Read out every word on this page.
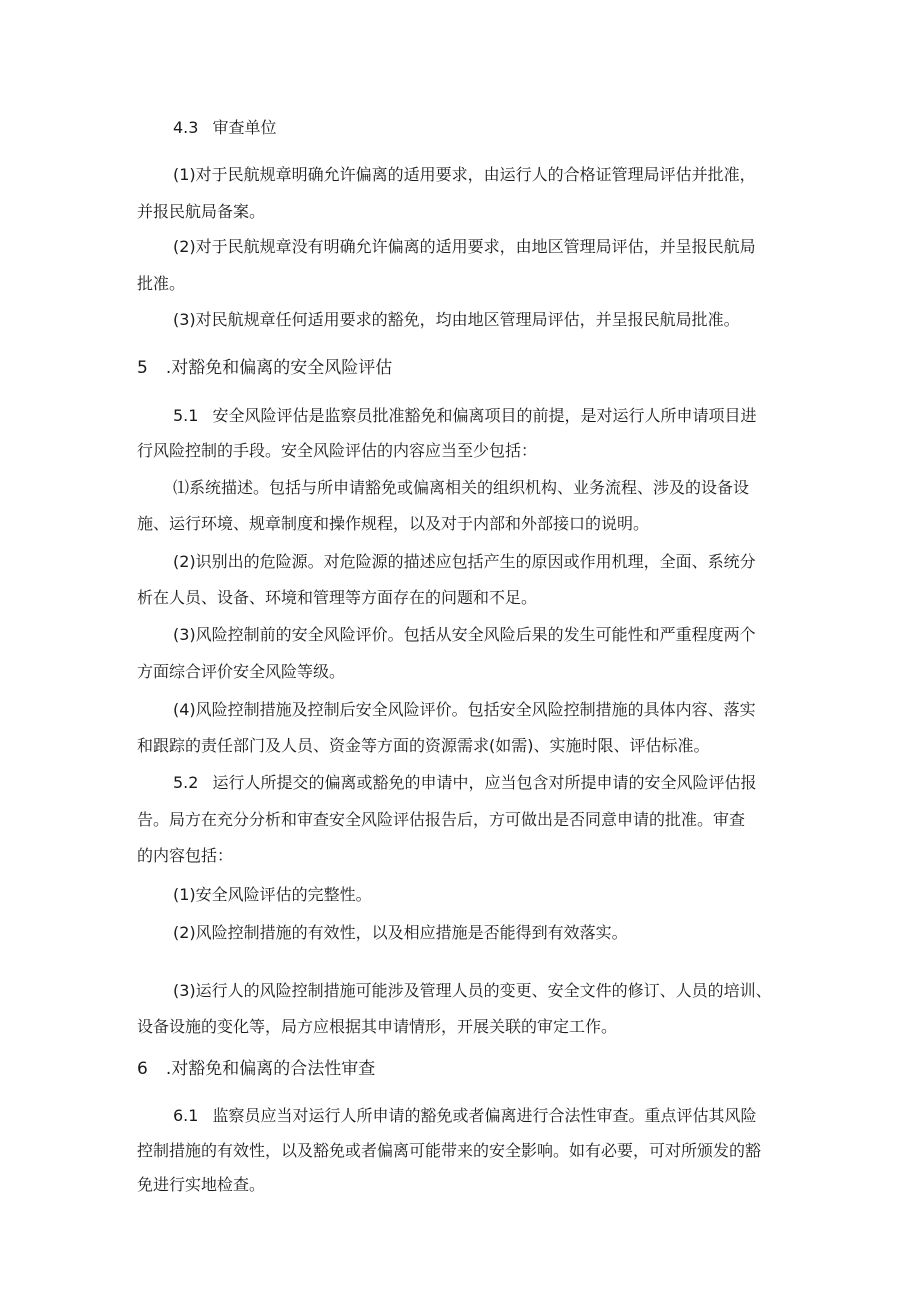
4.3 审查单位

(1)对于民航规章明确允许偏离的适用要求，由运行人的合格证管理局评估并批准，

并报民航局备案。

(2)对于民航规章没有明确允许偏离的适用要求，由地区管理局评估，并呈报民航局

批准。

(3)对民航规章任何适用要求的豁免，均由地区管理局评估，并呈报民航局批准。

5 .对豁免和偏离的安全风险评估

5.1 安全风险评估是监察员批准豁免和偏离项目的前提，是对运行人所申请项目进

行风险控制的手段。安全风险评估的内容应当至少包括：

⑴系统描述。包括与所申请豁免或偏离相关的组织机构、业务流程、涉及的设备设

施、运行环境、规章制度和操作规程，以及对于内部和外部接口的说明。

(2)识别出的危险源。对危险源的描述应包括产生的原因或作用机理，全面、系统分

析在人员、设备、环境和管理等方面存在的问题和不足。

(3)风险控制前的安全风险评价。包括从安全风险后果的发生可能性和严重程度两个

方面综合评价安全风险等级。

(4)风险控制措施及控制后安全风险评价。包括安全风险控制措施的具体内容、落实

和跟踪的责任部门及人员、资金等方面的资源需求(如需)、实施时限、评估标准。

5.2 运行人所提交的偏离或豁免的申请中，应当包含对所提申请的安全风险评估报

告。局方在充分分析和审查安全风险评估报告后，方可做出是否同意申请的批准。审查

的内容包括：

(1)安全风险评估的完整性。

(2)风险控制措施的有效性，以及相应措施是否能得到有效落实。

(3)运行人的风险控制措施可能涉及管理人员的变更、安全文件的修订、人员的培训、

设备设施的变化等，局方应根据其申请情形，开展关联的审定工作。

6 .对豁免和偏离的合法性审查

6.1 监察员应当对运行人所申请的豁免或者偏离进行合法性审查。重点评估其风险

控制措施的有效性，以及豁免或者偏离可能带来的安全影响。如有必要，可对所颁发的豁

免进行实地检查。
